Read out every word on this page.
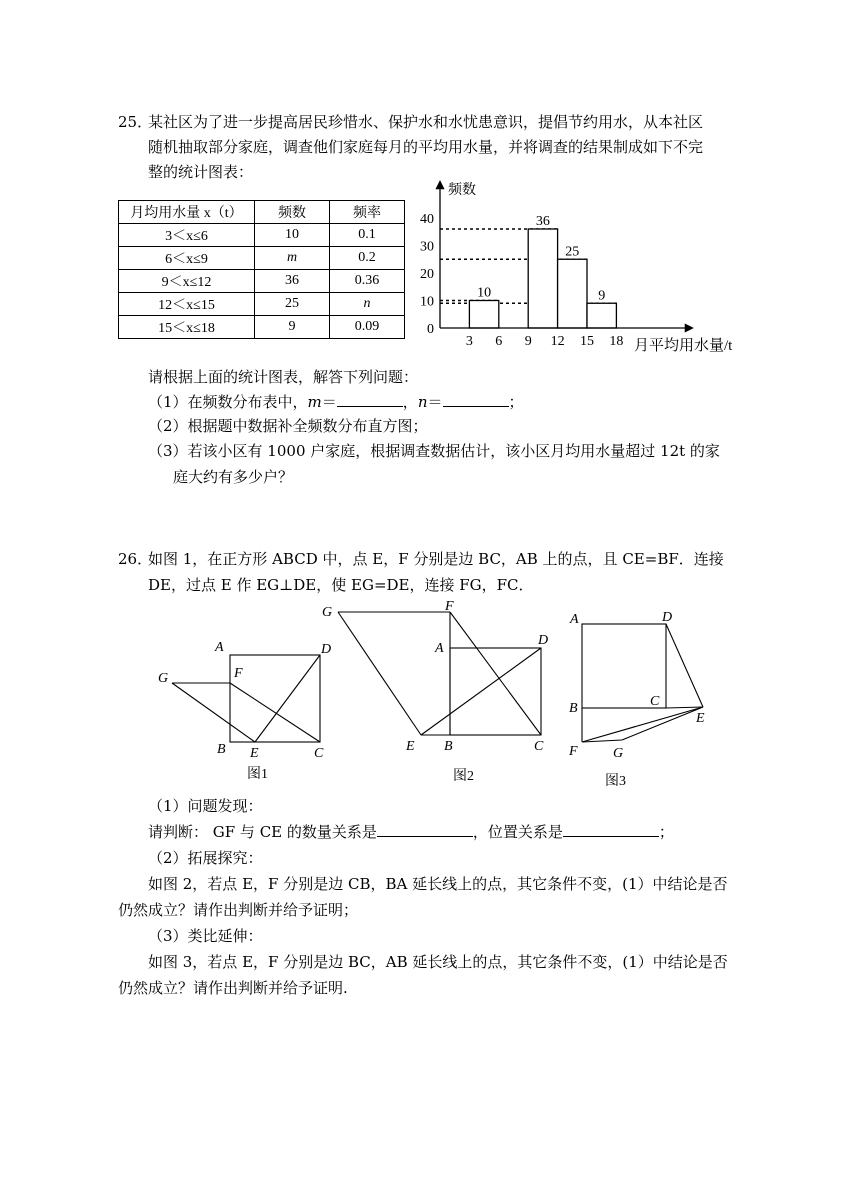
25．
某社区为了进一步提高居民珍惜水、保护水和水忧患意识，提倡节约用水，从本社区
随机抽取部分家庭，调查他们家庭每月的平均用水量，并将调查的结果制成如下不完
整的统计图表：
月均用水量 x（t）	频数	频率
3＜x≤6	10	0.1
6＜x≤9	m	0.2
9＜x≤12	36	0.36
12＜x≤15	25	n
15＜x≤18	9	0.09
频数
月平均用水量/t
0
10
20
30
40
3 6 9 12 15 18
10
36
25
9
请根据上面的统计图表，解答下列问题：
（1）在频数分布表中，m＝	，n＝	；
（2）根据题中数据补全频数分布直方图；
（3）若该小区有 1000 户家庭，根据调查数据估计，该小区月均用水量超过 12t 的家
庭大约有多少户？
26．
如图 1，在正方形 ABCD 中，点 E，F 分别是边 BC，AB 上的点，且 CE=BF．连接
DE，过点 E 作 EG⊥DE，使 EG=DE，连接 FG，FC．
A	D
G	F
B E	C
图1
G	F
A
D
E B	C
图2
A	D
B	C
E
F	G
图3
（1）问题发现：
请判断： GF 与 CE 的数量关系是	，位置关系是	；
（2）拓展探究：
如图 2，若点 E，F 分别是边 CB，BA 延长线上的点，其它条件不变，(1）中结论是否
仍然成立？请作出判断并给予证明；
（3）类比延伸：
如图 3，若点 E，F 分别是边 BC，AB 延长线上的点，其它条件不变，(1）中结论是否
仍然成立？请作出判断并给予证明.
